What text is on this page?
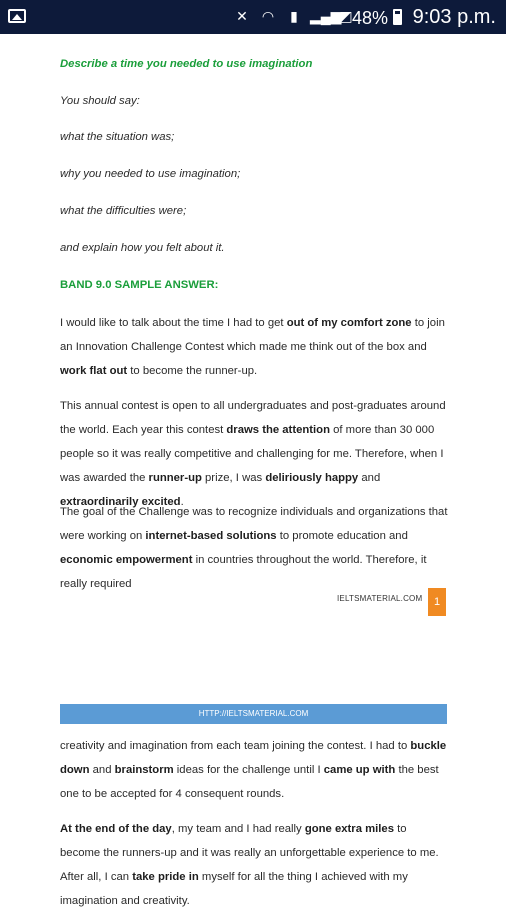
✕ ◠	▮ ▂▄▆
◩ 48% 9:03 p.m.
Describe a time you needed to use imagination
You should say:
what the situation was;
why you needed to use imagination;
what the difficulties were;
and explain how you felt about it.
BAND 9.0 SAMPLE ANSWER:
I would like to talk about the time I had to get out of my comfort zone to join an Innovation Challenge Contest which made me think out of the box and work flat out to become the runner-up.
This annual contest is open to all undergraduates and post-graduates around the world. Each year this contest draws the attention of more than 30 000 people so it was really competitive and challenging for me. Therefore, when I was awarded the runner-up prize, I was deliriously happy and extraordinarily excited.
The goal of the Challenge was to recognize individuals and organizations that were working on internet-based solutions to promote education and economic empowerment in countries throughout the world. Therefore, it really required
IELTSMATERIAL.COM	1
HTTP://IELTSMATERIAL.COM
creativity and imagination from each team joining the contest. I had to buckle down and brainstorm ideas for the challenge until I came up with the best one to be accepted for 4 consequent rounds.
At the end of the day, my team and I had really gone extra miles to become the runners-up and it was really an unforgettable experience to me. After all, I can take pride in myself for all the thing I achieved with my imagination and creativity.
